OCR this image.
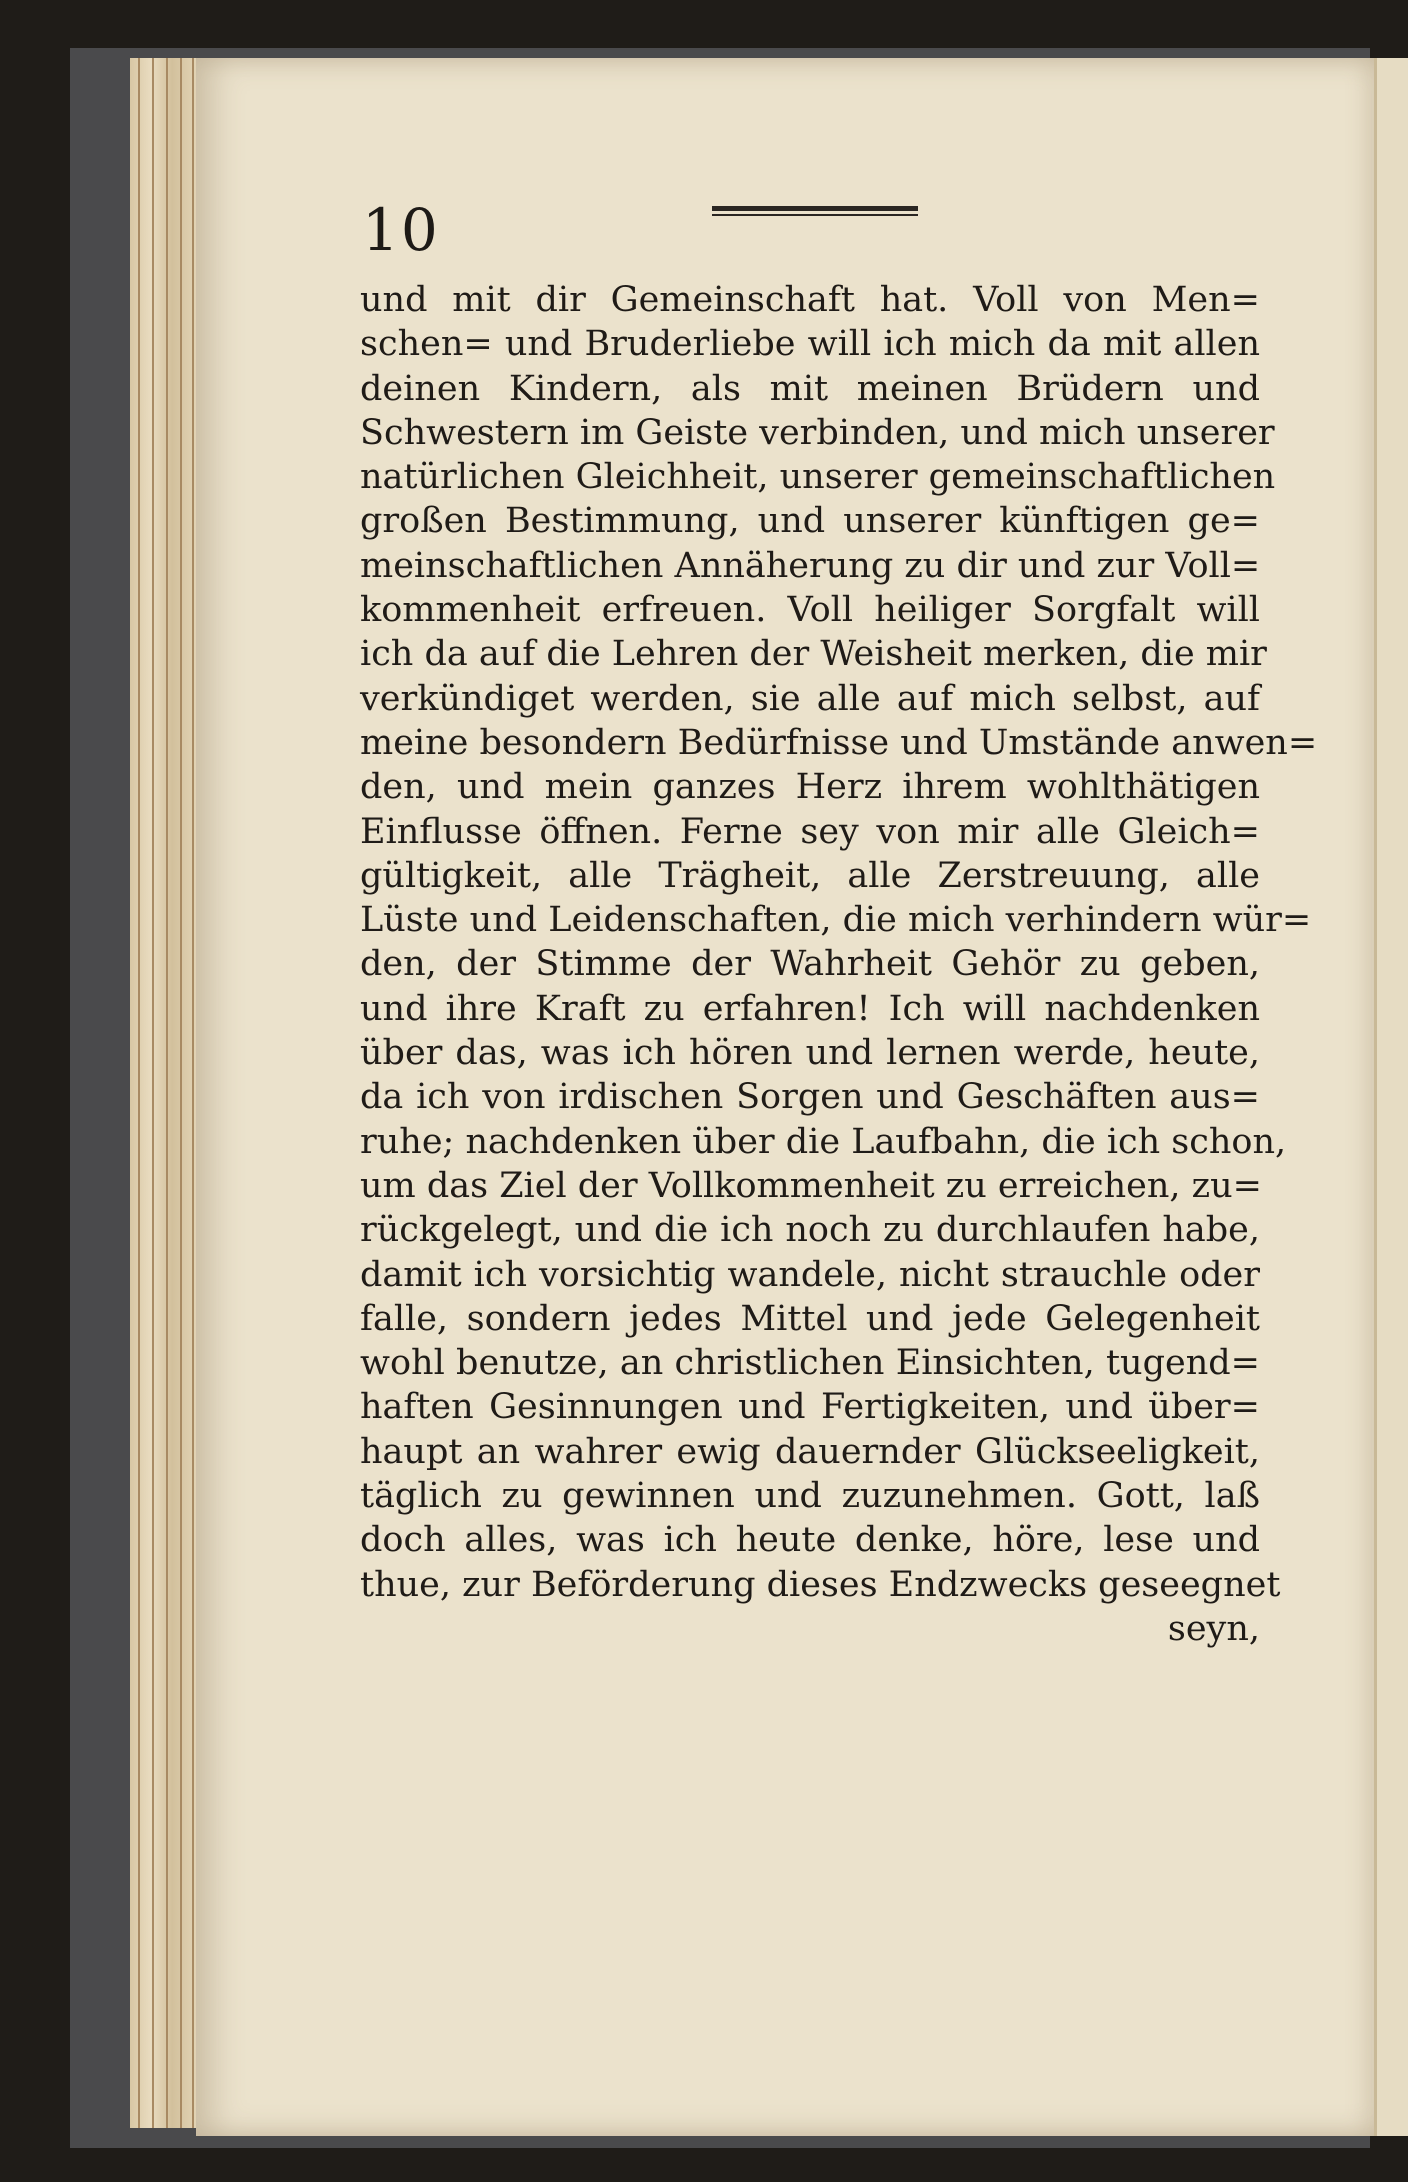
10
und mit dir Gemeinschaft hat. Voll von Men=
schen= und Bruderliebe will ich mich da mit allen
deinen Kindern, als mit meinen Brüdern und
Schwestern im Geiste verbinden, und mich unserer
natürlichen Gleichheit, unserer gemeinschaftlichen
großen Bestimmung, und unserer künftigen ge=
meinschaftlichen Annäherung zu dir und zur Voll=
kommenheit erfreuen. Voll heiliger Sorgfalt will
ich da auf die Lehren der Weisheit merken, die mir
verkündiget werden, sie alle auf mich selbst, auf
meine besondern Bedürfnisse und Umstände anwen=
den, und mein ganzes Herz ihrem wohlthätigen
Einflusse öffnen. Ferne sey von mir alle Gleich=
gültigkeit, alle Trägheit, alle Zerstreuung, alle
Lüste und Leidenschaften, die mich verhindern wür=
den, der Stimme der Wahrheit Gehör zu geben,
und ihre Kraft zu erfahren! Ich will nachdenken
über das, was ich hören und lernen werde, heute,
da ich von irdischen Sorgen und Geschäften aus=
ruhe; nachdenken über die Laufbahn, die ich schon,
um das Ziel der Vollkommenheit zu erreichen, zu=
rückgelegt, und die ich noch zu durchlaufen habe,
damit ich vorsichtig wandele, nicht strauchle oder
falle, sondern jedes Mittel und jede Gelegenheit
wohl benutze, an christlichen Einsichten, tugend=
haften Gesinnungen und Fertigkeiten, und über=
haupt an wahrer ewig dauernder Glückseeligkeit,
täglich zu gewinnen und zuzunehmen. Gott, laß
doch alles, was ich heute denke, höre, lese und
thue, zur Beförderung dieses Endzwecks geseegnet
seyn,
